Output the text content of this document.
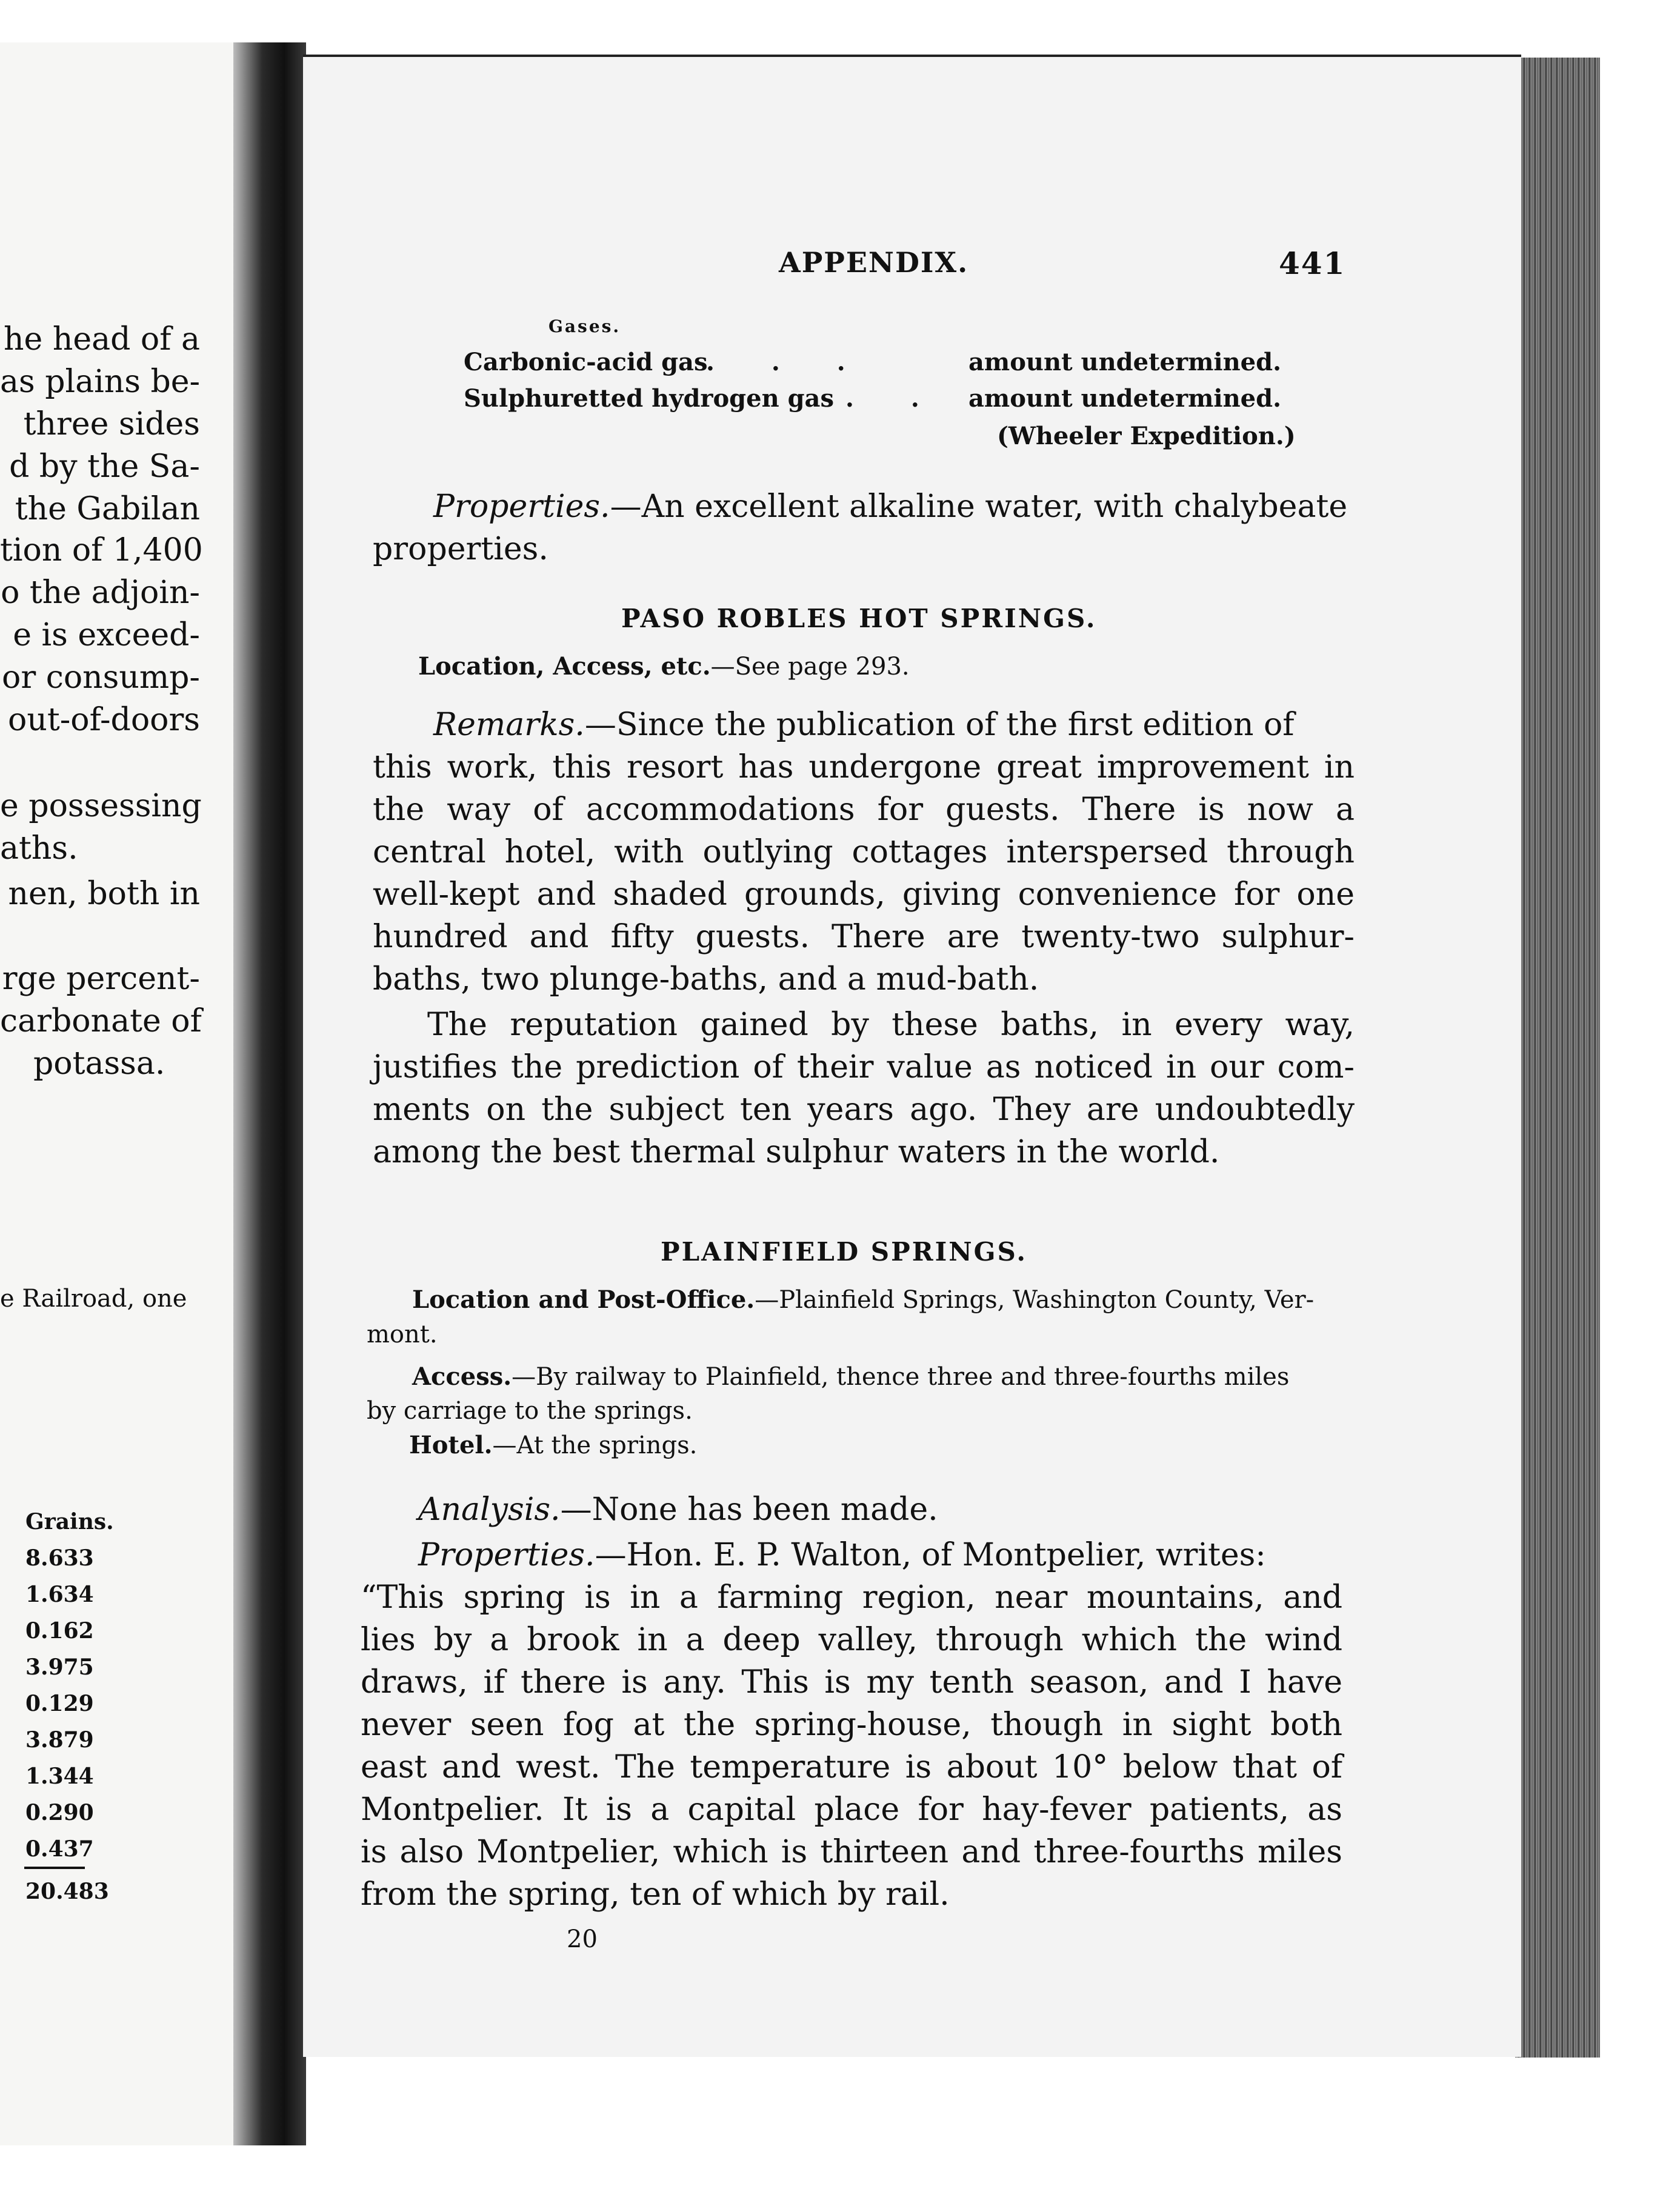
he head of a
as plains be-
three sides
d by the Sa-
the Gabilan
tion of 1,400
o the adjoin-
e is exceed-
or consump-
out-of-doors
e possessing
aths.
nen, both in
rge percent-
carbonate of
potassa.
e Railroad, one
Grains.
8.633
1.634
0.162
3.975
0.129
3.879
1.344
0.290
0.437
20.483
APPENDIX.	441
Gases.
Carbonic-acid gas
. . .	amount undetermined.
Sulphuretted hydrogen gas . . amount undetermined.
(Wheeler Expedition.)
Properties.—An excellent alkaline water, with chalybeate
properties.
PASO ROBLES HOT SPRINGS.
Location, Access, etc.—See page 293.
Remarks.—Since the publication of the first edition of
this work, this resort has undergone great improvement in
the way of accommodations for guests. There is now a
central hotel, with outlying cottages interspersed through
well-kept and shaded grounds, giving convenience for one
hundred and fifty guests. There are twenty-two sulphur-
baths, two plunge-baths, and a mud-bath.
The reputation gained by these baths, in every way,
justifies the prediction of their value as noticed in our com-
ments on the subject ten years ago. They are undoubtedly
among the best thermal sulphur waters in the world.
PLAINFIELD SPRINGS.
Location and Post-Office.—Plainfield Springs, Washington County, Ver-
mont.
Access.—By railway to Plainfield, thence three and three-fourths miles
by carriage to the springs.
Hotel.—At the springs.
Analysis.—None has been made.
Properties.—Hon. E. P. Walton, of Montpelier, writes:
“This spring is in a farming region, near mountains, and
lies by a brook in a deep valley, through which the wind
draws, if there is any. This is my tenth season, and I have
never seen fog at the spring-house, though in sight both
east and west. The temperature is about 10° below that of
Montpelier. It is a capital place for hay-fever patients, as
is also Montpelier, which is thirteen and three-fourths miles
from the spring, ten of which by rail.
20
